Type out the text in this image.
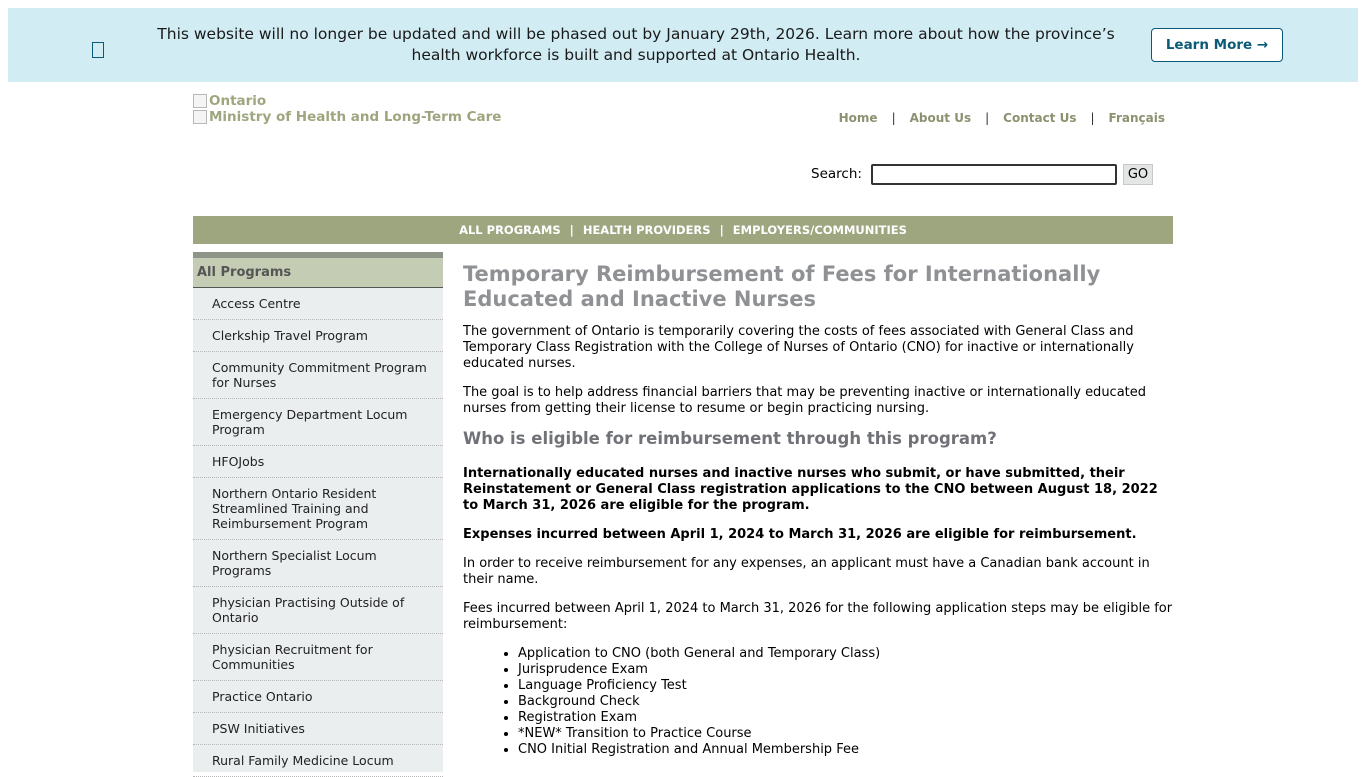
This website will no longer be updated and will be phased out by January 29th, 2026. Learn more about how the province’s health workforce is built and supported at Ontario Health.
Learn More →
Ontario
Ministry of Health and Long-Term Care	Home | About Us | Contact Us | Français
Search:	GO
ALL PROGRAMS | HEALTH PROVIDERS | EMPLOYERS/COMMUNITIES
All Programs
Access Centre
Clerkship Travel Program
Community Commitment Program for Nurses
Emergency Department Locum Program
HFOJobs
Northern Ontario Resident Streamlined Training and Reimbursement Program
Northern Specialist Locum Programs
Physician Practising Outside of Ontario
Physician Recruitment for Communities
Practice Ontario
PSW Initiatives
Rural Family Medicine Locum
Temporary Reimbursement of Fees for Internationally Educated and Inactive Nurses

The government of Ontario is temporarily covering the costs of fees associated with General Class and Temporary Class Registration with the College of Nurses of Ontario (CNO) for inactive or internationally educated nurses.

The goal is to help address financial barriers that may be preventing inactive or internationally educated nurses from getting their license to resume or begin practicing nursing.

Who is eligible for reimbursement through this program?

Internationally educated nurses and inactive nurses who submit, or have submitted, their Reinstatement or General Class registration applications to the CNO between August 18, 2022 to March 31, 2026 are eligible for the program.

Expenses incurred between April 1, 2024 to March 31, 2026 are eligible for reimbursement.

In order to receive reimbursement for any expenses, an applicant must have a Canadian bank account in their name.

Fees incurred between April 1, 2024 to March 31, 2026 for the following application steps may be eligible for reimbursement:

• Application to CNO (both General and Temporary Class)
• Jurisprudence Exam
• Language Proficiency Test
• Background Check
• Registration Exam
• *NEW* Transition to Practice Course
• CNO Initial Registration and Annual Membership Fee
